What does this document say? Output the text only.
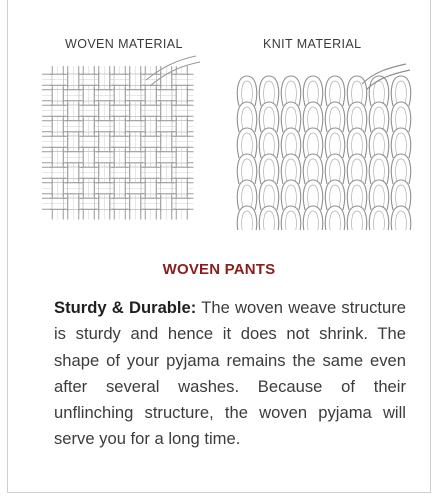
WOVEN MATERIAL	KNIT MATERIAL
WOVEN PANTS
Sturdy & Durable: The woven weave structure is sturdy and hence it does not shrink. The shape of your pyjama remains the same even after several washes. Because of their unflinching structure, the woven pyjama will serve you for a long time.
